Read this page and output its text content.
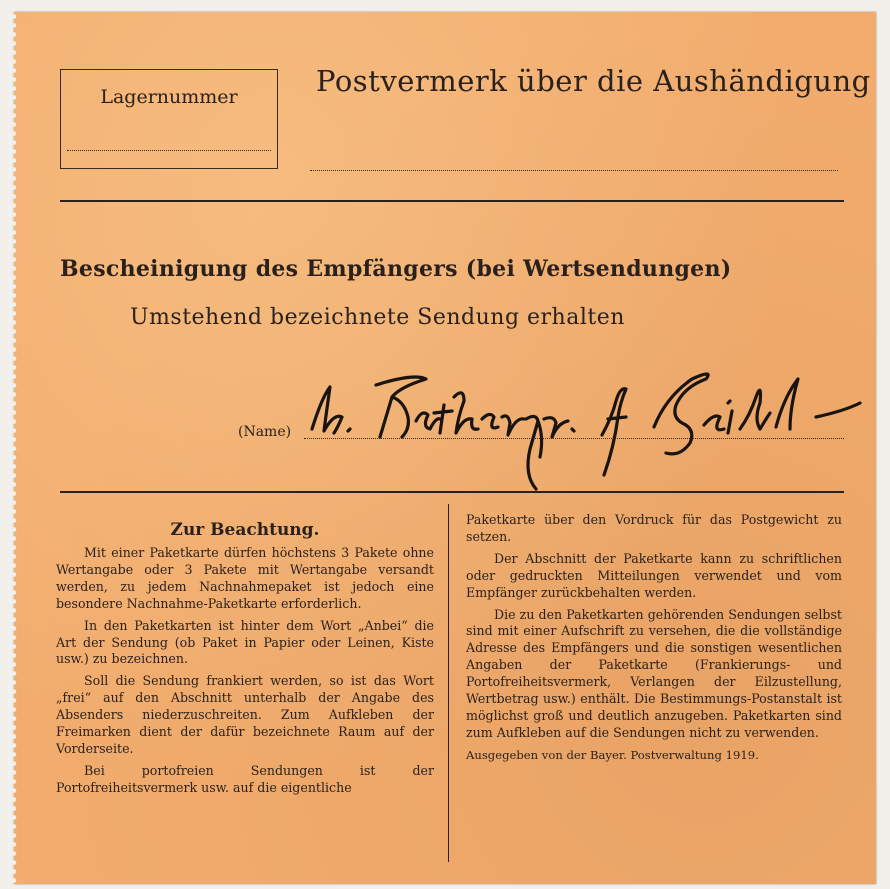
Lagernummer	Postvermerk über die Aushändigung
Bescheinigung des Empfängers (bei Wertsendungen)
Umstehend bezeichnete Sendung erhalten
(Name)
Zur Beachtung.

Mit einer Paketkarte dürfen höchstens 3 Pakete ohne Wertangabe oder 3 Pakete mit Wertangabe versandt werden, zu jedem Nachnahmepaket ist jedoch eine besondere Nachnahme-Paketkarte erforderlich.

In den Paketkarten ist hinter dem Wort „Anbei“ die Art der Sendung (ob Paket in Papier oder Leinen, Kiste usw.) zu bezeichnen.

Soll die Sendung frankiert werden, so ist das Wort „frei“ auf den Abschnitt unterhalb der Angabe des Absenders niederzuschreiten. Zum Aufkleben der Freimarken dient der dafür bezeichnete Raum auf der Vorderseite.

Bei portofreien Sendungen ist der Portofreiheitsvermerk usw. auf die eigentliche

Paketkarte über den Vordruck für das Postgewicht zu setzen.

Der Abschnitt der Paketkarte kann zu schriftlichen oder gedruckten Mitteilungen verwendet und vom Empfänger zurückbehalten werden.

Die zu den Paketkarten gehörenden Sendungen selbst sind mit einer Aufschrift zu versehen, die die vollständige Adresse des Empfängers und die sonstigen wesentlichen Angaben der Paketkarte (Frankierungs- und Portofreiheitsvermerk, Verlangen der Eilzustellung, Wertbetrag usw.) enthält. Die Bestimmungs-Postanstalt ist möglichst groß und deutlich anzugeben. Paketkarten sind zum Aufkleben auf die Sendungen nicht zu verwenden.

Ausgegeben von der Bayer. Postverwaltung 1919.
